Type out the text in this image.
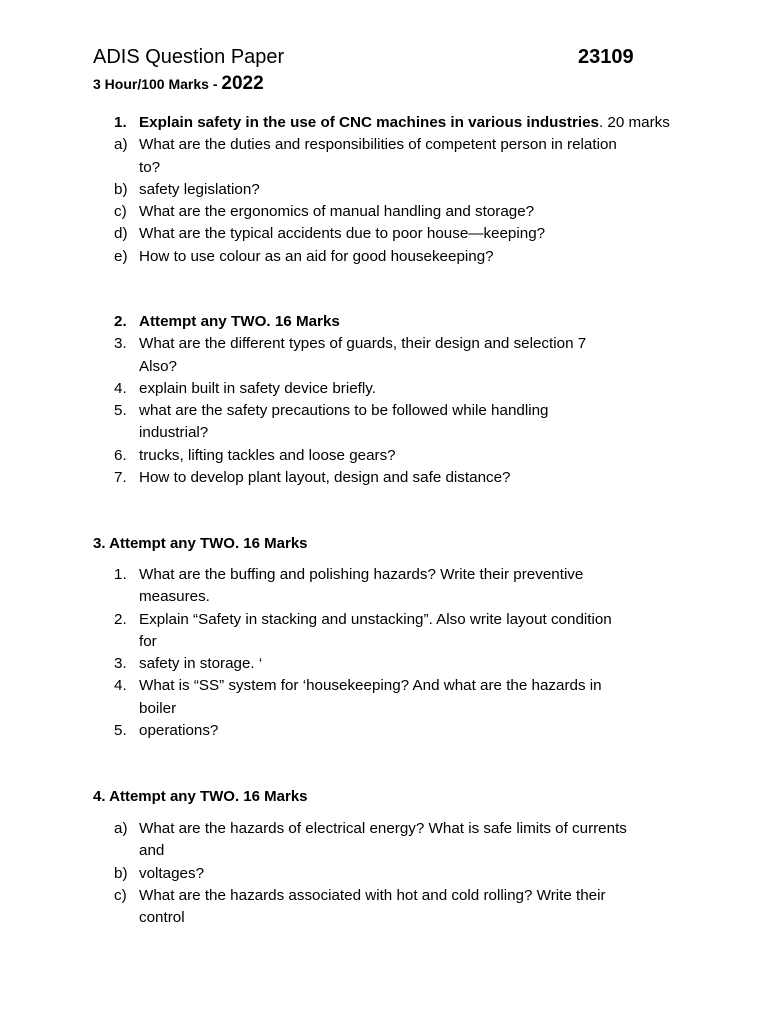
ADIS Question Paper	23109
3 Hour/100 Marks - 2022
1. Explain safety in the use of CNC machines in various industries. 20 marks
a) What are the duties and responsibilities of competent person in relation
to?
b) safety legislation?
c) What are the ergonomics of manual handling and storage?
d) What are the typical accidents due to poor house—keeping?
e) How to use colour as an aid for good housekeeping?
2. Attempt any TWO. 16 Marks
3. What are the different types of guards, their design and selection 7
Also?
4. explain built in safety device briefly.
5. what are the safety precautions to be followed while handling
industrial?
6. trucks, lifting tackles and loose gears?
7. How to develop plant layout, design and safe distance?
3. Attempt any TWO. 16 Marks
1. What are the buffing and polishing hazards? Write their preventive
measures.
2. Explain “Safety in stacking and unstacking”. Also write layout condition
for
3. safety in storage. ‘
4. What is “SS” system for ‘housekeeping? And what are the hazards in
boiler
5. operations?
4. Attempt any TWO. 16 Marks
a) What are the hazards of electrical energy? What is safe limits of currents
and
b) voltages?
c) What are the hazards associated with hot and cold rolling? Write their
control
